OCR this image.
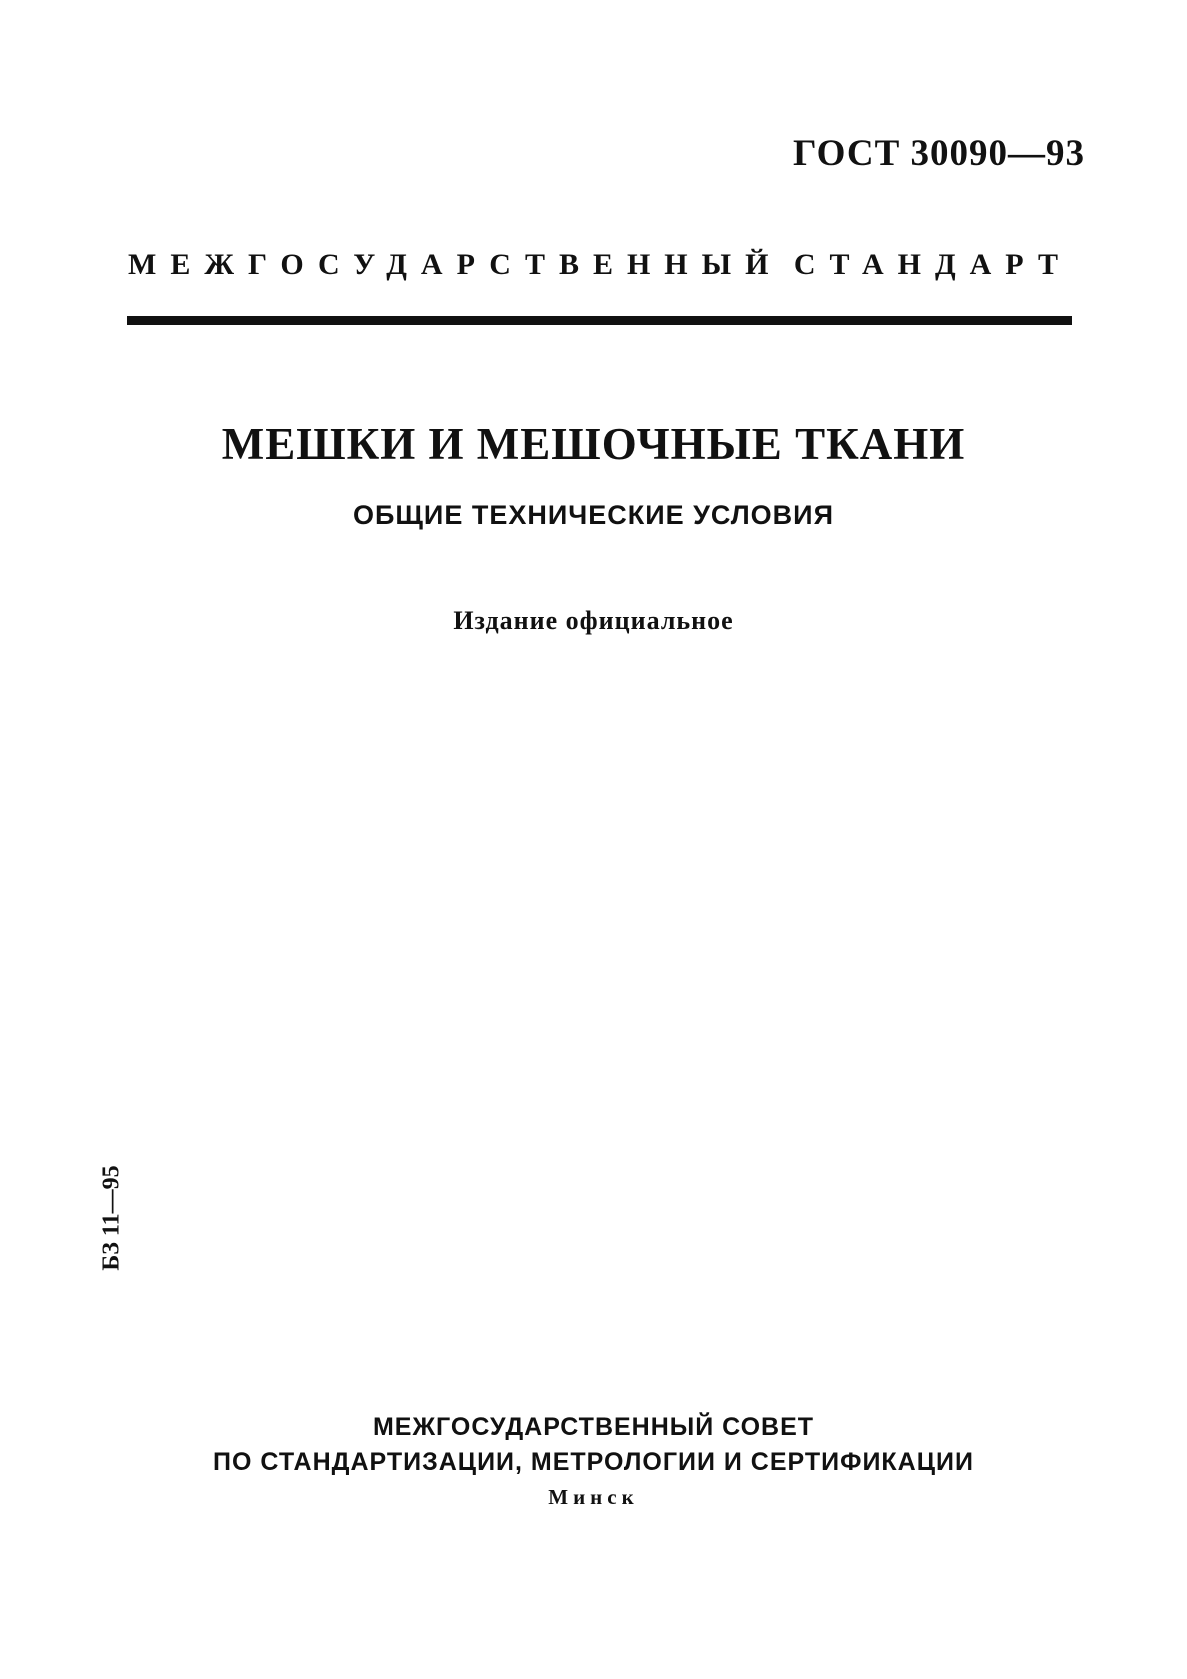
ГОСТ 30090—93
МЕЖГОСУДАРСТВЕННЫЙ СТАНДАРТ
МЕШКИ И МЕШОЧНЫЕ ТКАНИ
ОБЩИЕ ТЕХНИЧЕСКИЕ УСЛОВИЯ
Издание официальное
БЗ 11—95
МЕЖГОСУДАРСТВЕННЫЙ СОВЕТ
ПО СТАНДАРТИЗАЦИИ, МЕТРОЛОГИИ И СЕРТИФИКАЦИИ
Минск
